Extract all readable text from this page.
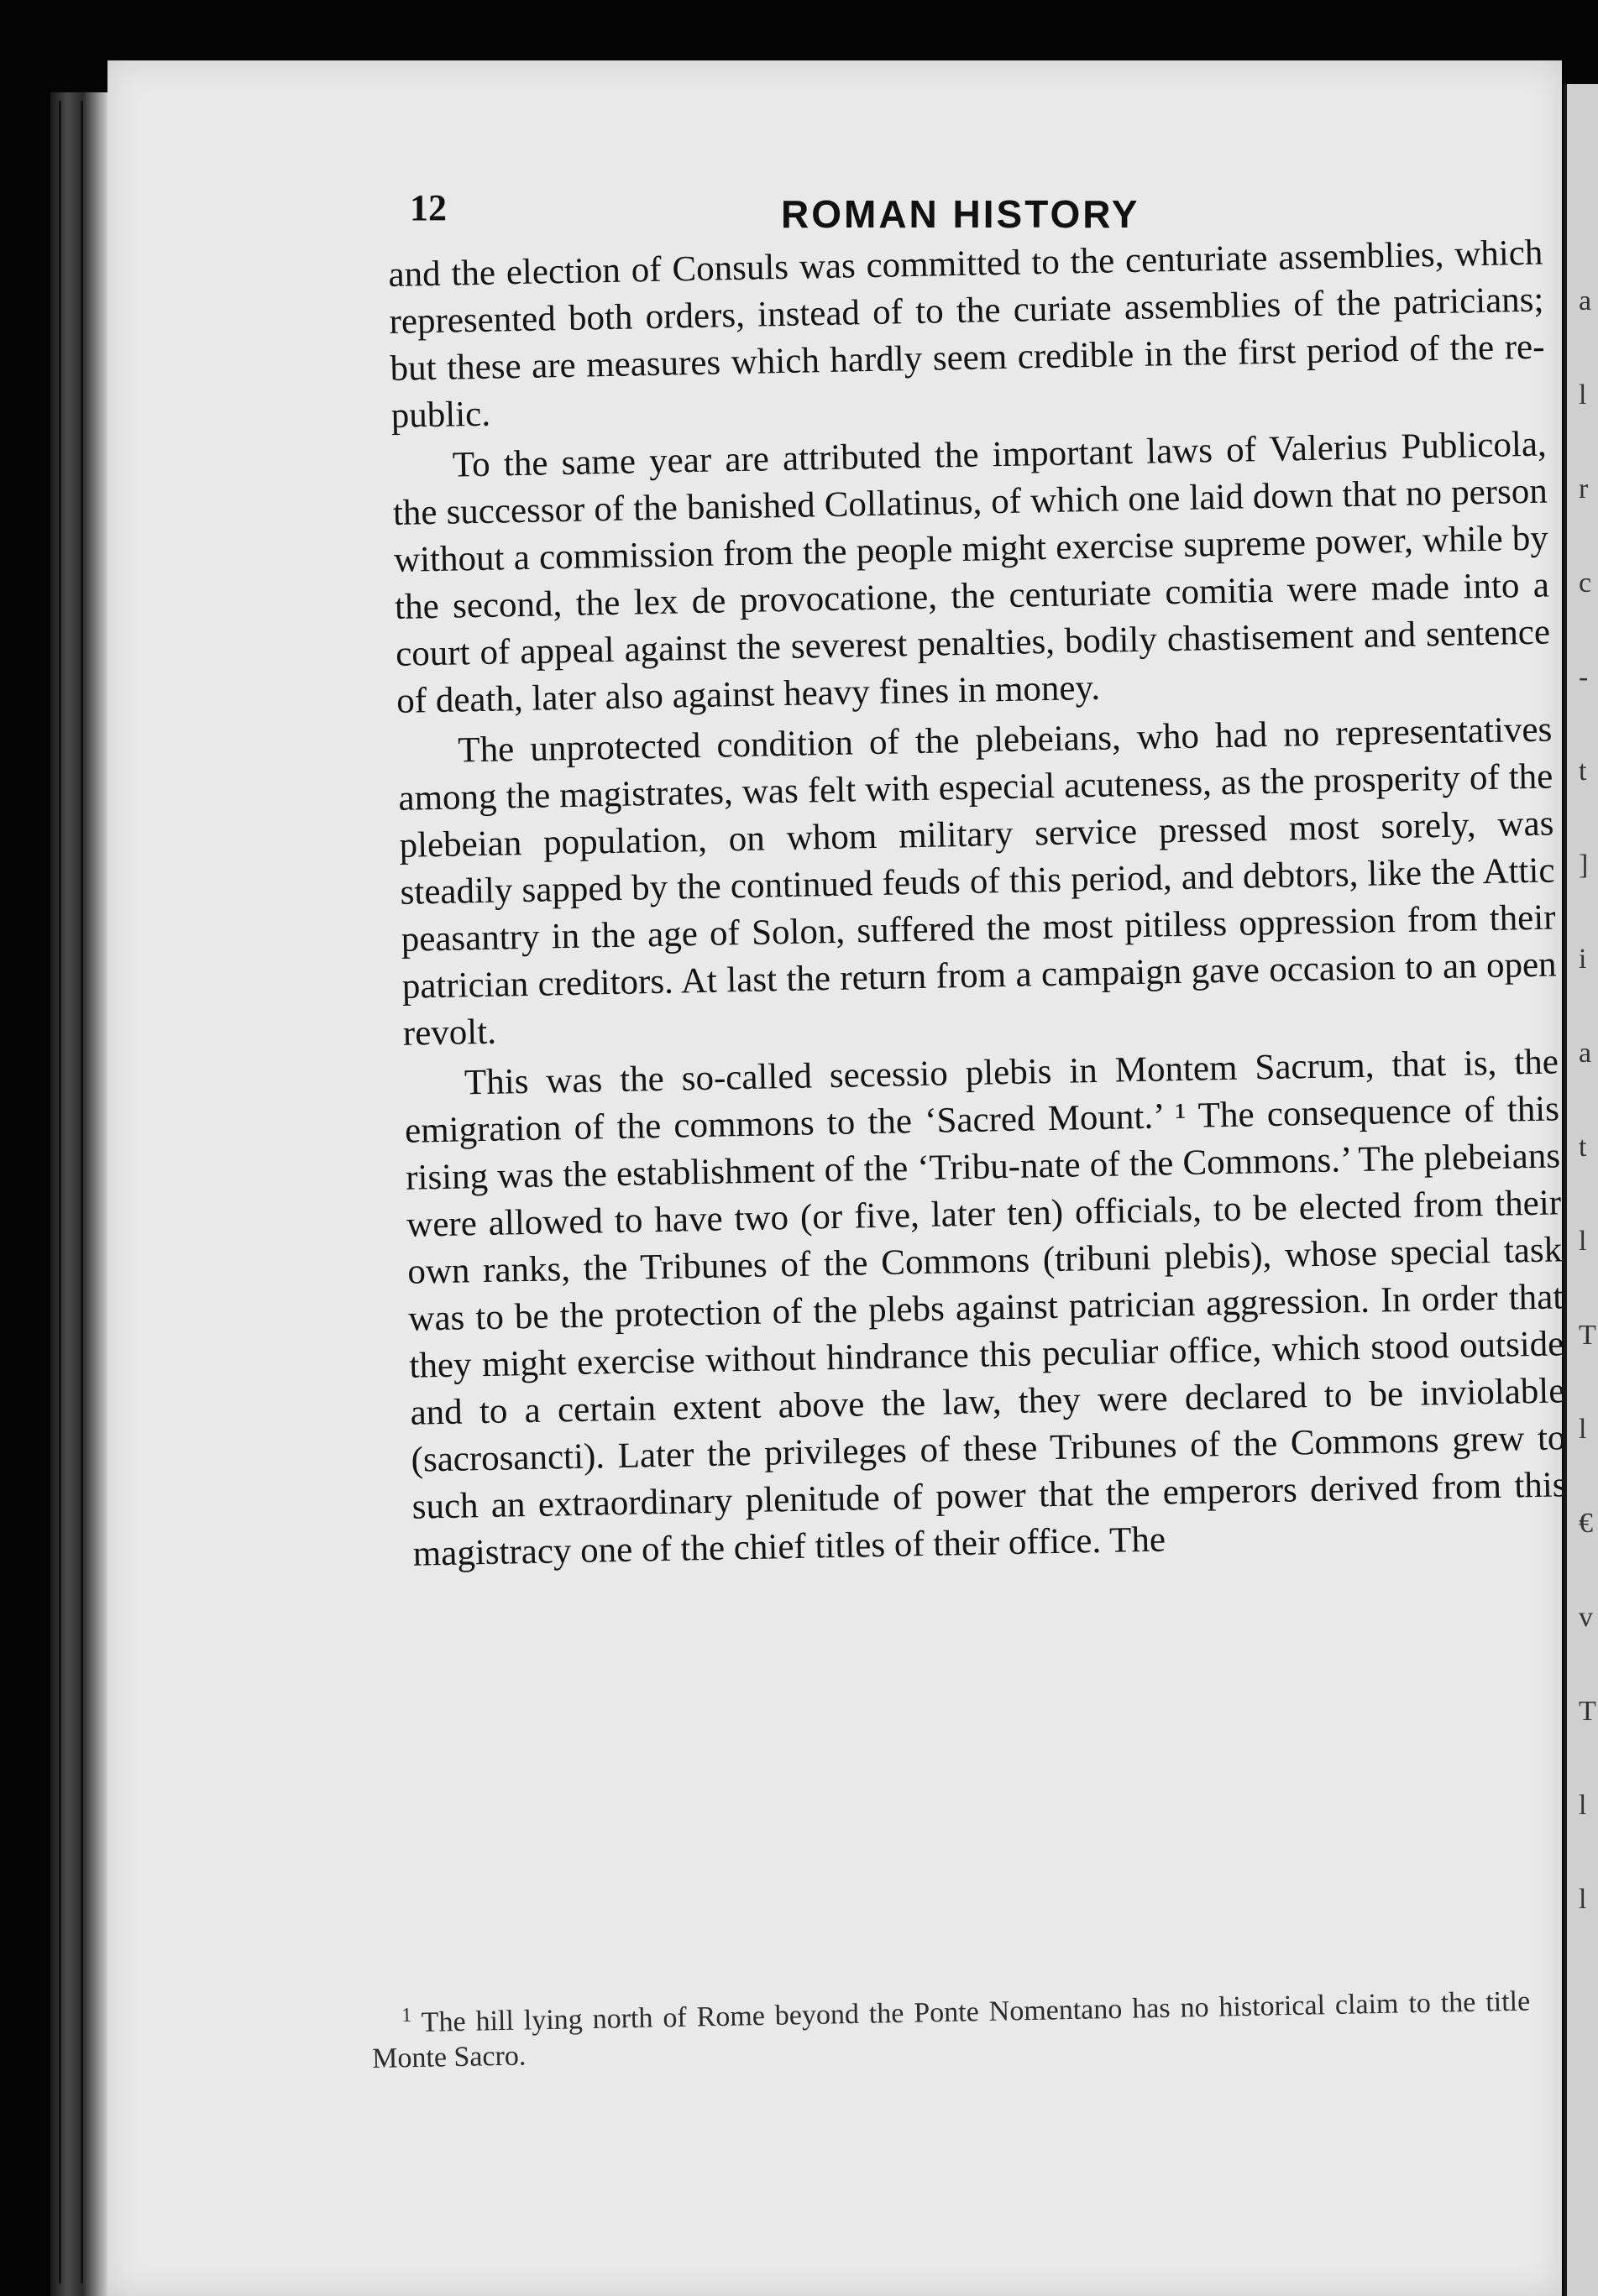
a
l
r
c
-
t
]
i
a
t
l
T
l
€
v
T
l
l
12	ROMAN HISTORY

and the election of Consuls was committed to the centuriate assemblies, which represented both orders, instead of to the curiate assemblies of the patricians; but these are measures which hardly seem credible in the first period of the re-public.

To the same year are attributed the important laws of Valerius Publicola, the successor of the banished Collatinus, of which one laid down that no person without a commission from the people might exercise supreme power, while by the second, the lex de provocatione, the centuriate comitia were made into a court of appeal against the severest penalties, bodily chastisement and sentence of death, later also against heavy fines in money.

The unprotected condition of the plebeians, who had no representatives among the magistrates, was felt with especial acuteness, as the prosperity of the plebeian population, on whom military service pressed most sorely, was steadily sapped by the continued feuds of this period, and debtors, like the Attic peasantry in the age of Solon, suffered the most pitiless oppression from their patrician creditors. At last the return from a campaign gave occasion to an open revolt.

This was the so-called secessio plebis in Montem Sacrum, that is, the emigration of the commons to the ‘Sacred Mount.’ ¹ The consequence of this rising was the establishment of the ‘Tribu-nate of the Commons.’ The plebeians were allowed to have two (or five, later ten) officials, to be elected from their own ranks, the Tribunes of the Commons (tribuni plebis), whose special task was to be the protection of the plebs against patrician aggression. In order that they might exercise without hindrance this peculiar office, which stood outside and to a certain extent above the law, they were declared to be inviolable (sacrosancti). Later the privileges of these Tribunes of the Commons grew to such an extraordinary plenitude of power that the emperors derived from this magistracy one of the chief titles of their office. The

$^1$ The hill lying north of Rome beyond the Ponte Nomentano has no historical claim to the title Monte Sacro.
